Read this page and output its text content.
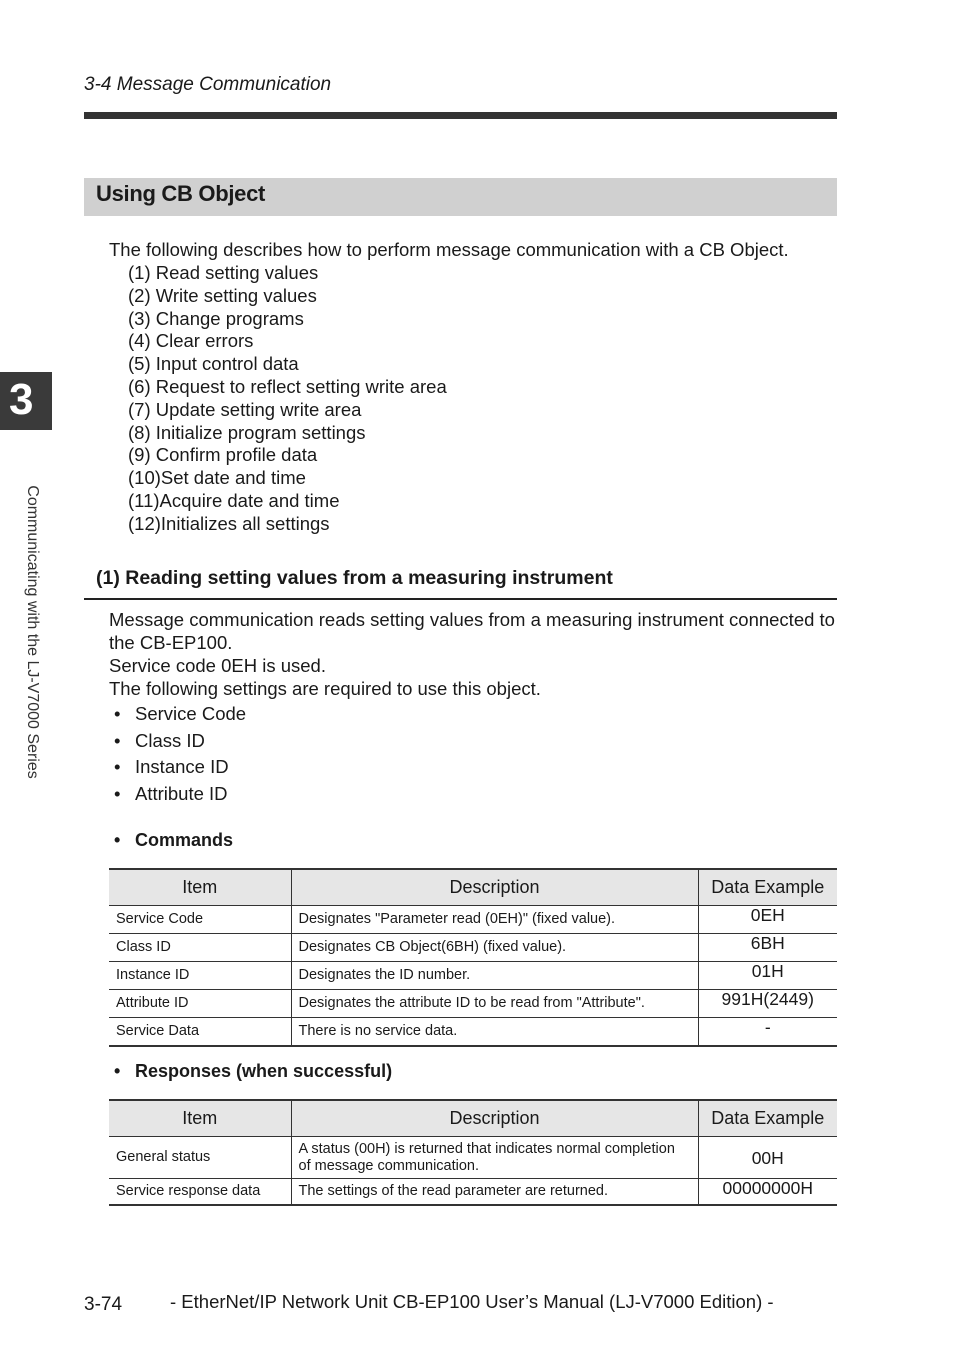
3-4 Message Communication
3
Communicating with the LJ-V7000 Series
Using CB Object
The following describes how to perform message communication with a CB Object.
(1) Read setting values
(2) Write setting values
(3) Change programs
(4) Clear errors
(5) Input control data
(6) Request to reflect setting write area
(7) Update setting write area
(8) Initialize program settings
(9) Confirm profile data
(10)Set date and time
(11)Acquire date and time
(12)Initializes all settings
(1) Reading setting values from a measuring instrument

Message communication reads setting values from a measuring instrument connected to the CB-EP100.

Service code 0EH is used.

The following settings are required to use this object.

• Service Code
• Class ID
• Instance ID
• Attribute ID
• Commands
Item	Description	Data Example
Service Code	Designates "Parameter read (0EH)" (fixed value).	0EH
Class ID	Designates CB Object(6BH) (fixed value).	6BH
Instance ID	Designates the ID number.	01H
Attribute ID	Designates the attribute ID to be read from "Attribute".	991H(2449)
Service Data	There is no service data.	-
• Responses (when successful)
Item	Description	Data Example
General status	A status (00H) is returned that indicates normal completion of message communication.	00H
Service response data	The settings of the read parameter are returned.	00000000H
3-74	- EtherNet/IP Network Unit CB-EP100 User’s Manual (LJ-V7000 Edition) -
